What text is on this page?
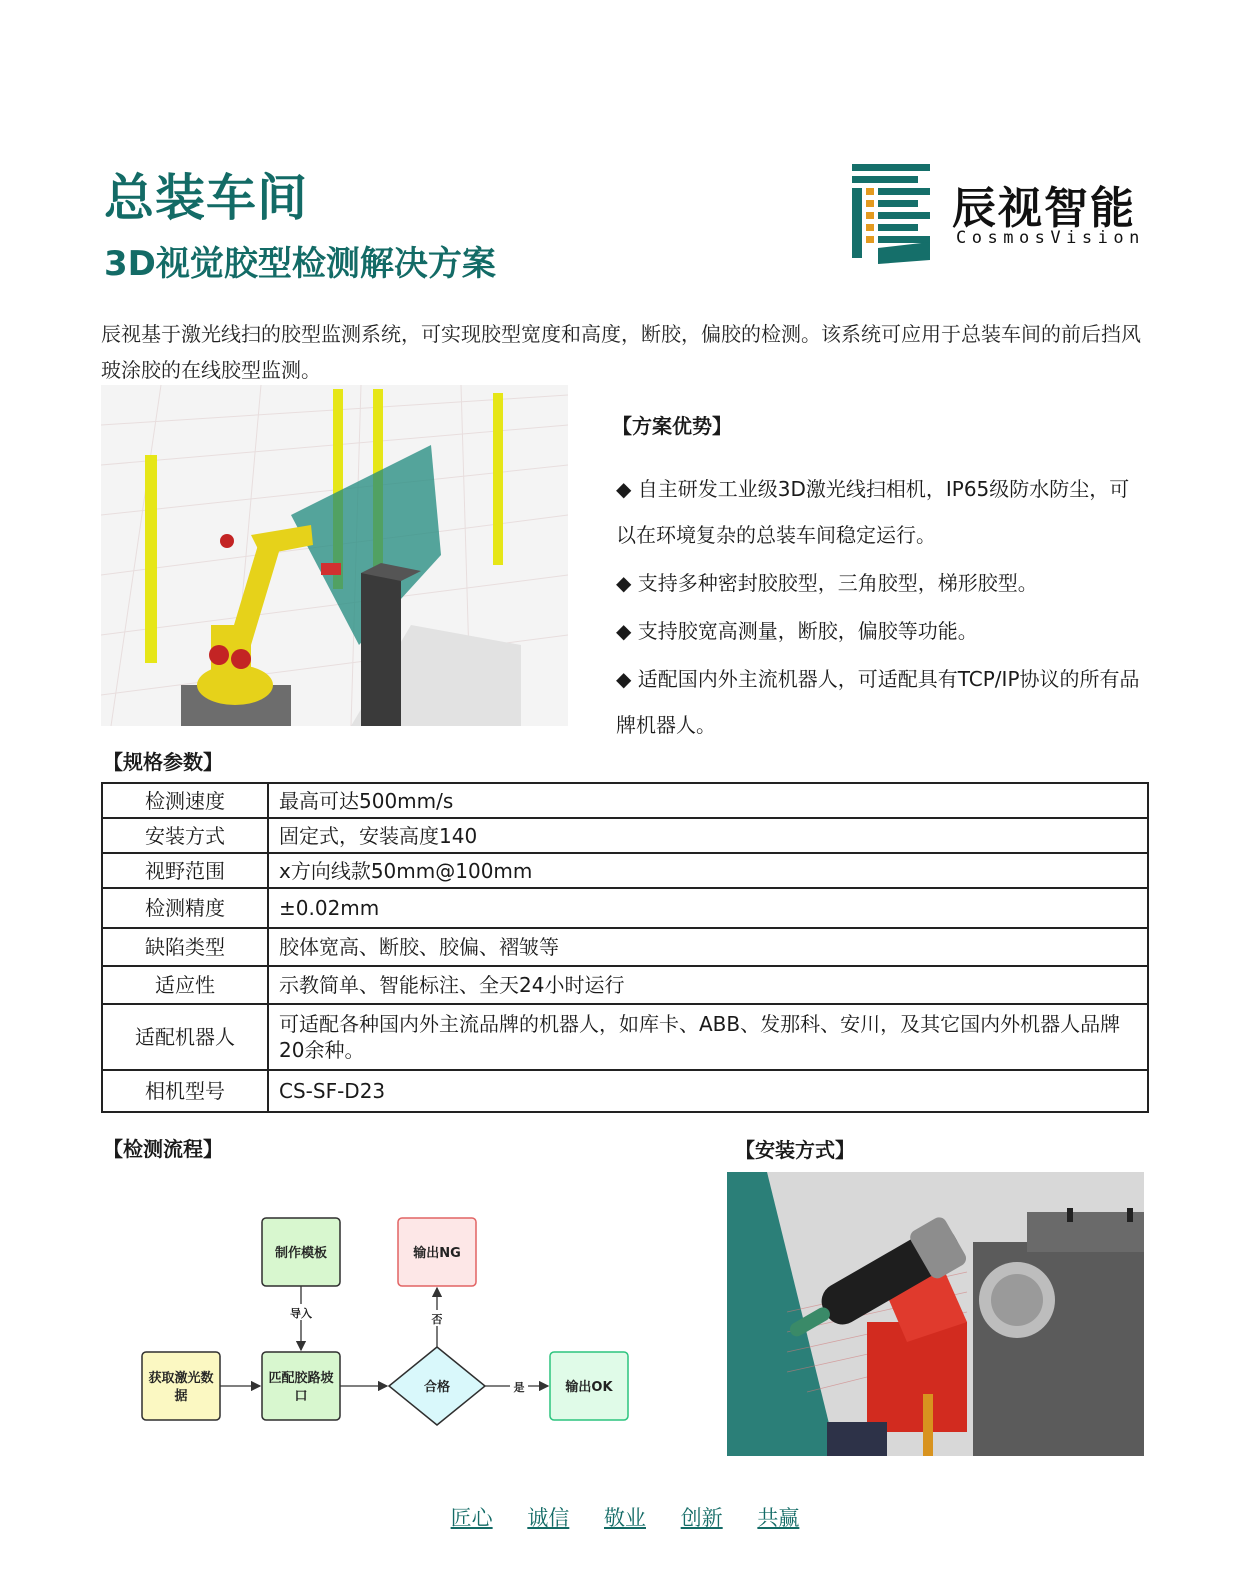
总装车间
3D视觉胶型检测解决方案
辰视智能
CosmosVision
辰视基于激光线扫的胶型监测系统，可实现胶型宽度和高度，断胶，偏胶的检测。该系统可应用于总装车间的前后挡风玻涂胶的在线胶型监测。
【方案优势】
◆ 自主研发工业级3D激光线扫相机，IP65级防水防尘，可以在环境复杂的总装车间稳定运行。
◆ 支持多种密封胶胶型，三角胶型，梯形胶型。
◆ 支持胶宽高测量，断胶，偏胶等功能。
◆ 适配国内外主流机器人，可适配具有TCP/IP协议的所有品牌机器人。
【规格参数】
检测速度	最高可达500mm/s
安装方式	固定式，安装高度140
视野范围	x方向线款50mm@100mm
检测精度	±0.02mm
缺陷类型	胶体宽高、断胶、胶偏、褶皱等
适应性	示教简单、智能标注、全天24小时运行
适配机器人	可适配各种国内外主流品牌的机器人，如库卡、ABB、发那科、安川，及其它国内外机器人品牌20余种。
相机型号	CS-SF-D23
【检测流程】	【安装方式】
制作模板	输出NG
获取激光数
据
匹配胶路坡
口
合格	输出OK
导入	否
是
匠心 诚信 敬业 创新 共赢
